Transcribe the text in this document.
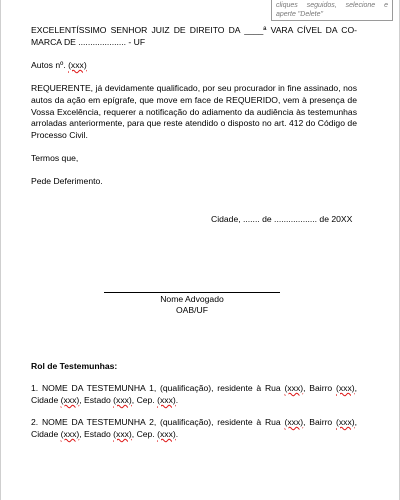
cliques seguidos, selecione e aperte "Delete"
EXCELENTÍSSIMO SENHOR JUIZ DE DIREITO DA ____ª VARA CÍVEL DA CO-
MARCA DE .................... - UF
Autos nº. (xxx)
REQUERENTE, já devidamente qualificado, por seu procurador in fine assinado, nos
autos da ação em epígrafe, que move em face de REQUERIDO, vem à presença de
Vossa Excelência, requerer a notificação do adiamento da audiência às testemunhas
arroladas anteriormente, para que reste atendido o disposto no art. 412 do Código de
Processo Civil.
Termos que,
Pede Deferimento.
Cidade, ....... de .................. de 20XX
Nome Advogado
OAB/UF
Rol de Testemunhas:
1. NOME DA TESTEMUNHA 1, (qualificação), residente à Rua (xxx), Bairro (xxx),
Cidade (xxx), Estado (xxx), Cep. (xxx).
2. NOME DA TESTEMUNHA 2, (qualificação), residente à Rua (xxx), Bairro (xxx),
Cidade (xxx), Estado (xxx), Cep. (xxx).
